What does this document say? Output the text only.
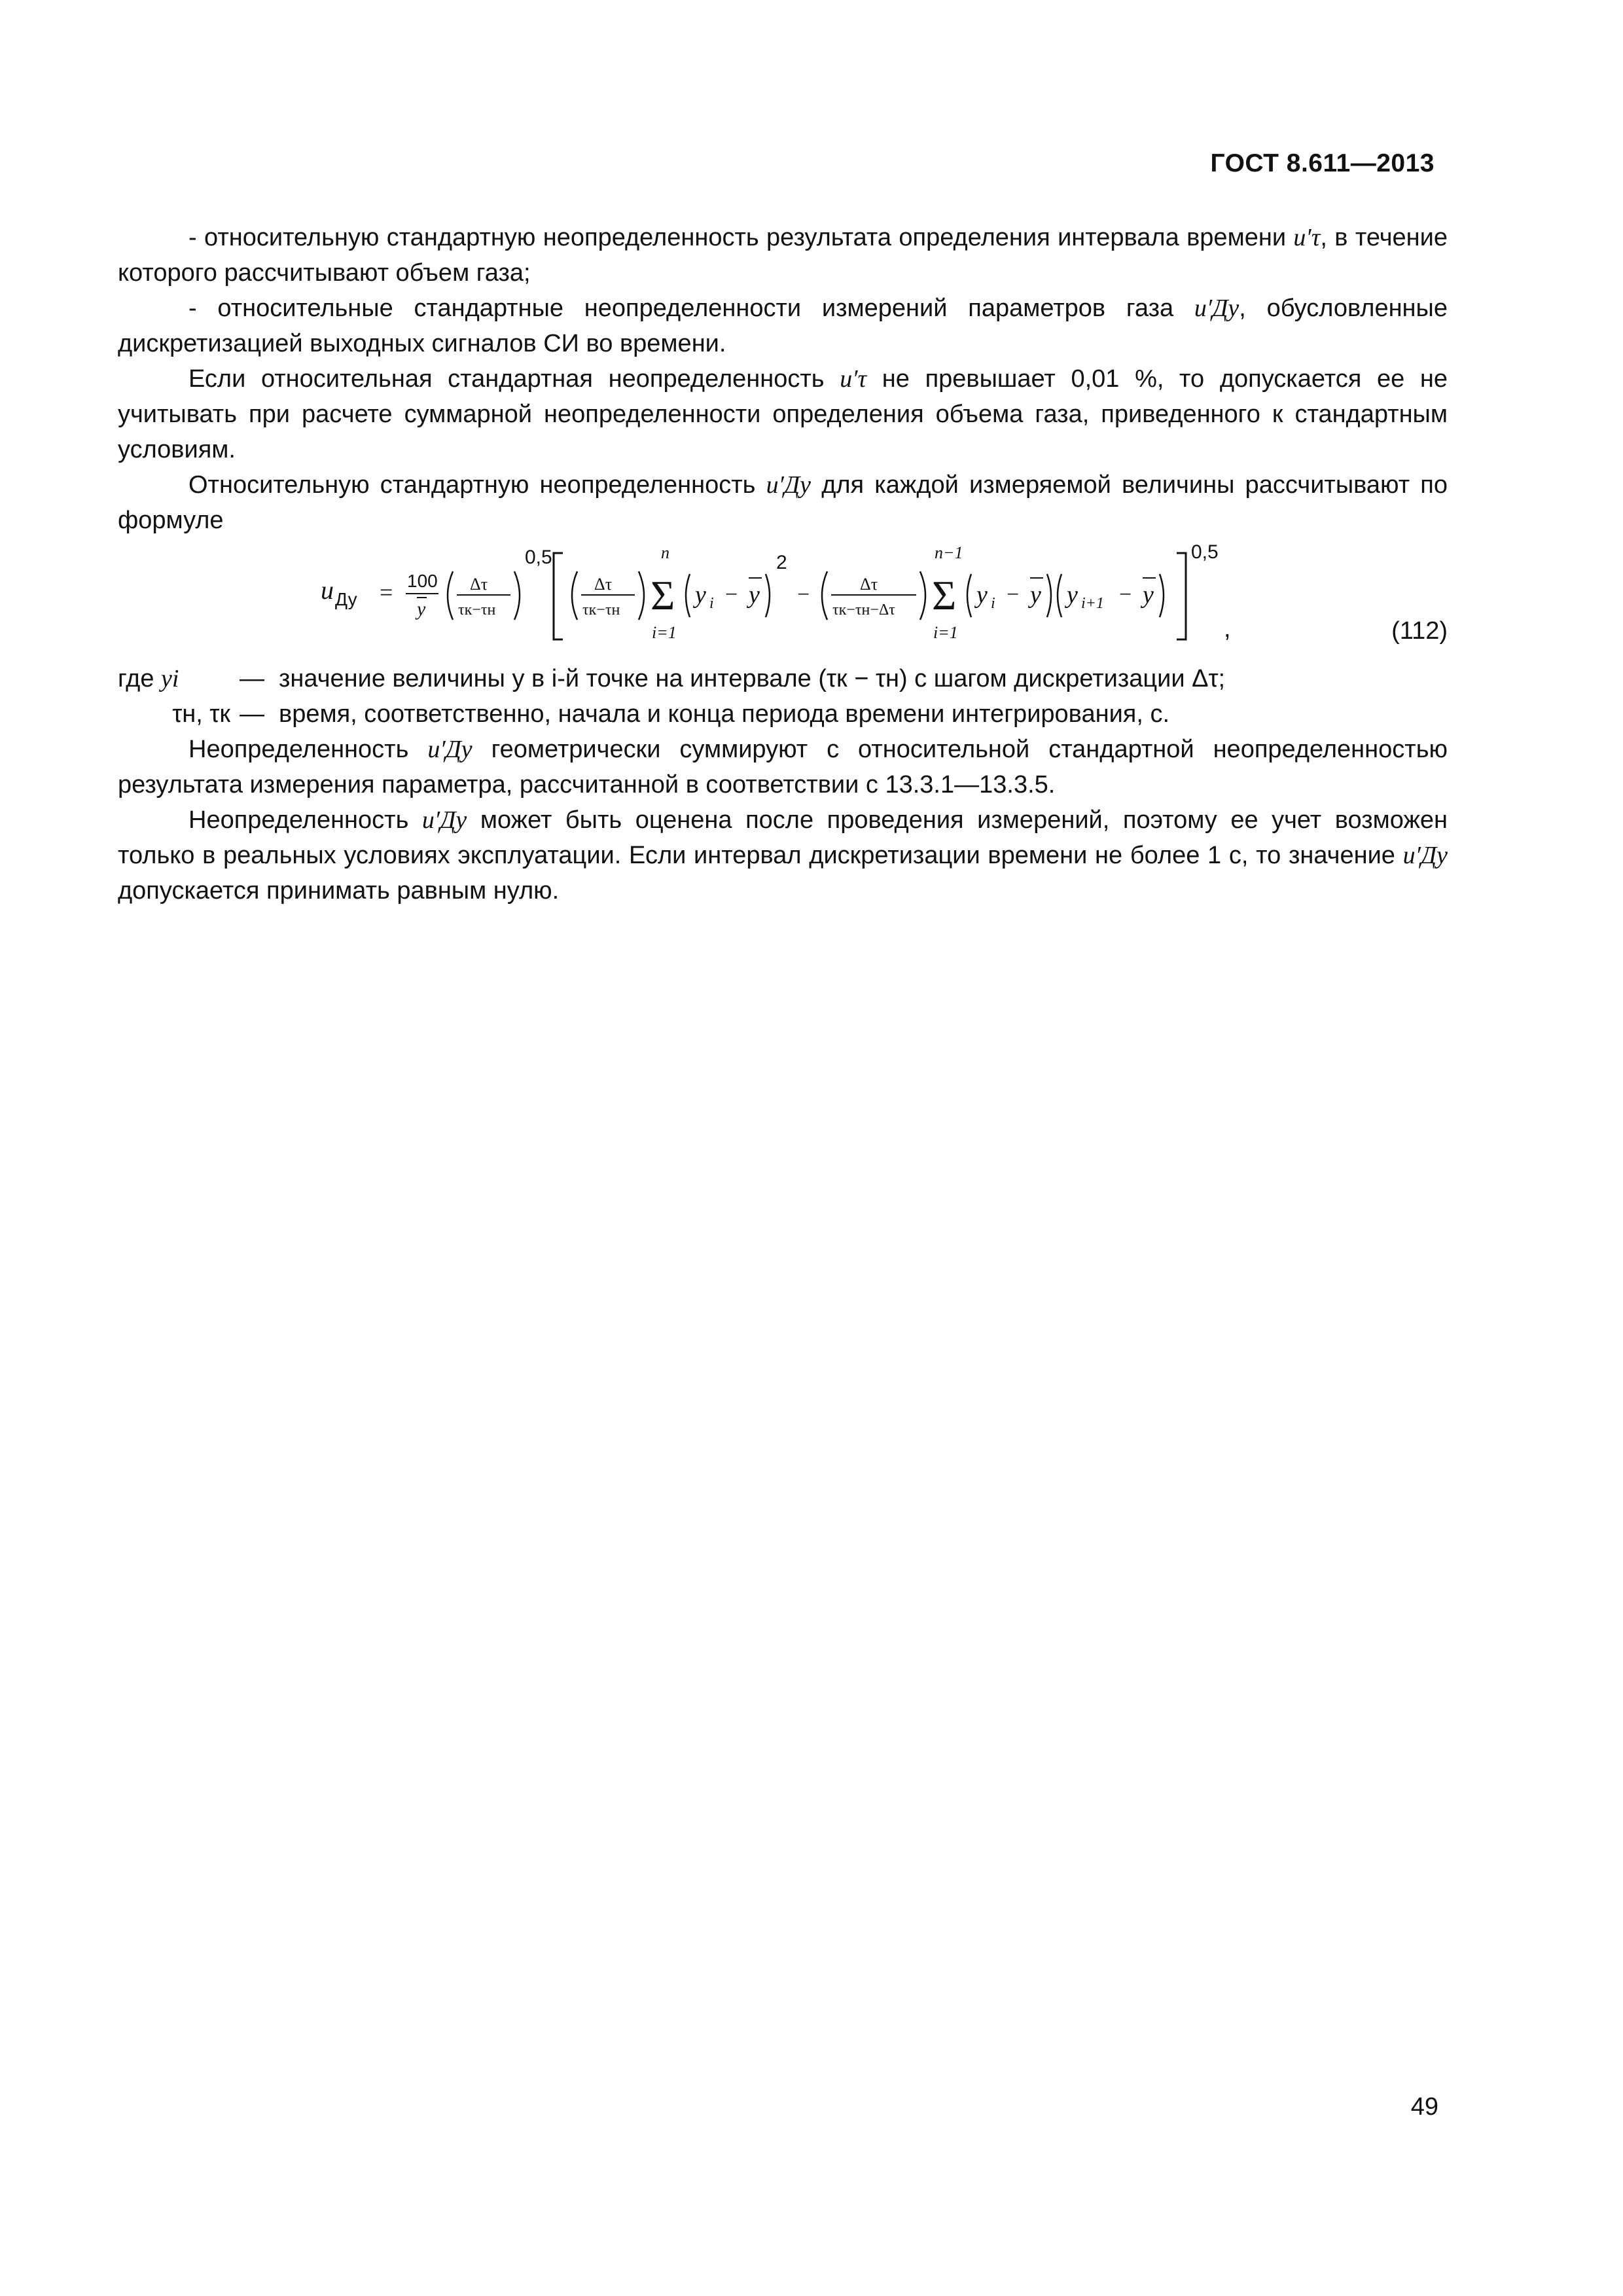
ГОСТ 8.611—2013

- относительную стандартную неопределенность результата определения интервала времени u′τ, в течение которого рассчитывают объем газа;

- относительные стандартные неопределенности измерений параметров газа u′Ду, обусловленные дискретизацией выходных сигналов СИ во времени.

Если относительная стандартная неопределенность u′τ не превышает 0,01 %, то допускается ее не учитывать при расчете суммарной неопределенности определения объема газа, приведенного к стандартным условиям.

Относительную стандартную неопределенность u′Ду для каждой измеряемой величины рассчитывают по формуле

u Ду = 100
y
Δτ
τк−τн
0,5
Δτ
τк−τн
n
Σ
i=1
y i − y
2
−	Δτ
τк−τн−Δτ
n−1
Σ
i=1
y i − y y i+1 − y
0,5
,	(112)
где yi	— значение величины y в i-й точке на интервале (τк − τн) с шагом дискретизации Δτ;
τн, τк — время, соответственно, начала и конца периода времени интегрирования, с.

Неопределенность u′Ду геометрически суммируют с относительной стандартной неопределенностью результата измерения параметра, рассчитанной в соответствии с 13.3.1—13.3.5.

Неопределенность u′Ду может быть оценена после проведения измерений, поэтому ее учет возможен только в реальных условиях эксплуатации. Если интервал дискретизации времени не более 1 с, то значение u′Ду допускается принимать равным нулю.

49
